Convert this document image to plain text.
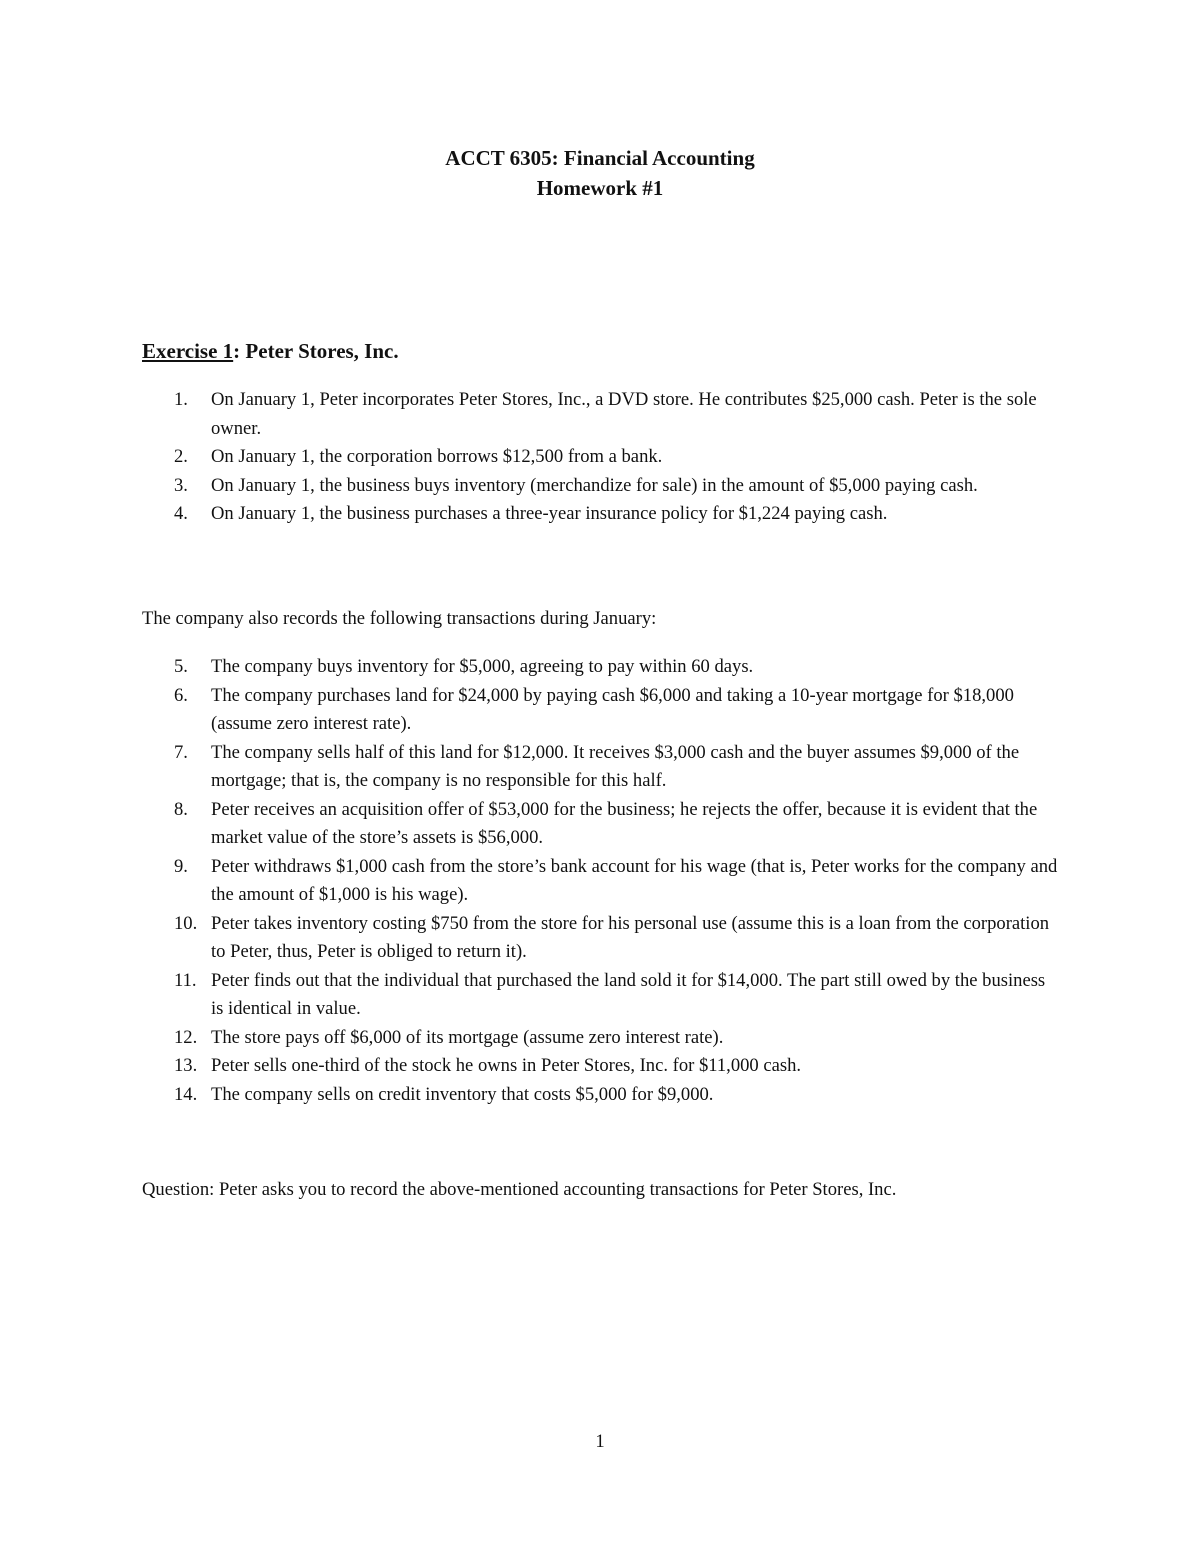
ACCT 6305: Financial Accounting
Homework #1
Exercise 1: Peter Stores, Inc.
1. On January 1, Peter incorporates Peter Stores, Inc., a DVD store. He contributes $25,000 cash. Peter is the sole owner.
2. On January 1, the corporation borrows $12,500 from a bank.
3. On January 1, the business buys inventory (merchandize for sale) in the amount of $5,000 paying cash.
4. On January 1, the business purchases a three-year insurance policy for $1,224 paying cash.

The company also records the following transactions during January:

5. The company buys inventory for $5,000, agreeing to pay within 60 days.
6. The company purchases land for $24,000 by paying cash $6,000 and taking a 10-year mortgage for $18,000 (assume zero interest rate).
7. The company sells half of this land for $12,000. It receives $3,000 cash and the buyer assumes $9,000 of the mortgage; that is, the company is no responsible for this half.
8. Peter receives an acquisition offer of $53,000 for the business; he rejects the offer, because it is evident that the market value of the store’s assets is $56,000.
9. Peter withdraws $1,000 cash from the store’s bank account for his wage (that is, Peter works for the company and the amount of $1,000 is his wage).
10. Peter takes inventory costing $750 from the store for his personal use (assume this is a loan from the corporation to Peter, thus, Peter is obliged to return it).
11. Peter finds out that the individual that purchased the land sold it for $14,000. The part still owed by the business is identical in value.
12. The store pays off $6,000 of its mortgage (assume zero interest rate).
13. Peter sells one-third of the stock he owns in Peter Stores, Inc. for $11,000 cash.
14. The company sells on credit inventory that costs $5,000 for $9,000.

Question: Peter asks you to record the above-mentioned accounting transactions for Peter Stores, Inc.

1
